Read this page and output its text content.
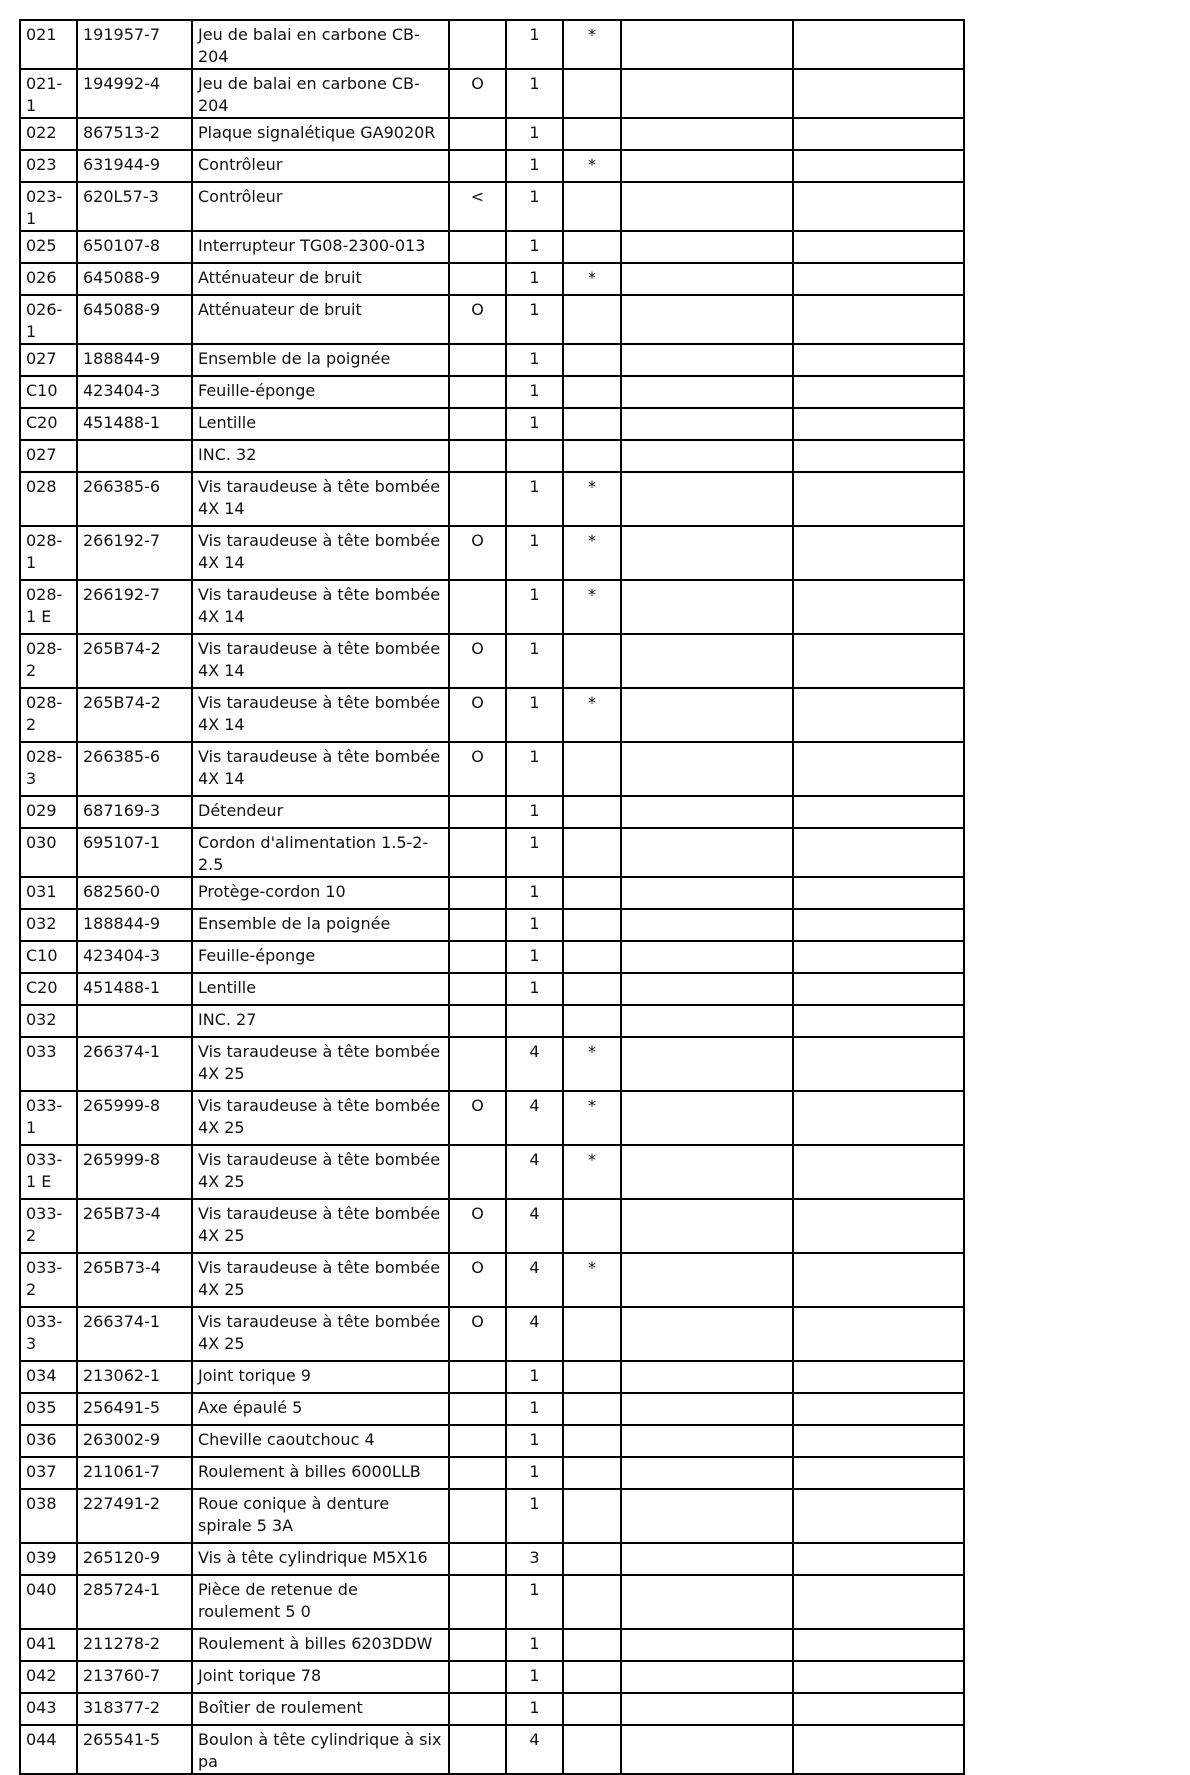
021	191957-7	Jeu de balai en carbone CB-204		1	*		
021-1	194992-4	Jeu de balai en carbone CB-204	O	1			
022	867513-2	Plaque signalétique GA9020R		1			
023	631944-9	Contrôleur		1	*		
023-1	620L57-3	Contrôleur	<	1			
025	650107-8	Interrupteur TG08-2300-013		1			
026	645088-9	Atténuateur de bruit		1	*		
026-1	645088-9	Atténuateur de bruit	O	1			
027	188844-9	Ensemble de la poignée		1			
C10	423404-3	Feuille-éponge		1			
C20	451488-1	Lentille		1			
027		INC. 32					
028	266385-6	Vis taraudeuse à tête bombée 4X 14		1	*		
028-1	266192-7	Vis taraudeuse à tête bombée 4X 14	O	1	*		
028-1 E	266192-7	Vis taraudeuse à tête bombée 4X 14		1	*		
028-2	265B74-2	Vis taraudeuse à tête bombée 4X 14	O	1			
028-2	265B74-2	Vis taraudeuse à tête bombée 4X 14	O	1	*		
028-3	266385-6	Vis taraudeuse à tête bombée 4X 14	O	1			
029	687169-3	Détendeur		1			
030	695107-1	Cordon d'alimentation 1.5-2-2.5		1			
031	682560-0	Protège-cordon 10		1			
032	188844-9	Ensemble de la poignée		1			
C10	423404-3	Feuille-éponge		1			
C20	451488-1	Lentille		1			
032		INC. 27					
033	266374-1	Vis taraudeuse à tête bombée 4X 25		4	*		
033-1	265999-8	Vis taraudeuse à tête bombée 4X 25	O	4	*		
033-1 E	265999-8	Vis taraudeuse à tête bombée 4X 25		4	*		
033-2	265B73-4	Vis taraudeuse à tête bombée 4X 25	O	4			
033-2	265B73-4	Vis taraudeuse à tête bombée 4X 25	O	4	*		
033-3	266374-1	Vis taraudeuse à tête bombée 4X 25	O	4			
034	213062-1	Joint torique 9		1			
035	256491-5	Axe épaulé 5		1			
036	263002-9	Cheville caoutchouc 4		1			
037	211061-7	Roulement à billes 6000LLB		1			
038	227491-2	Roue conique à denture spirale 5 3A		1			
039	265120-9	Vis à tête cylindrique M5X16		3			
040	285724-1	Pièce de retenue de roulement 5 0		1			
041	211278-2	Roulement à billes 6203DDW		1			
042	213760-7	Joint torique 78		1			
043	318377-2	Boîtier de roulement		1			
044	265541-5	Boulon à tête cylindrique à six pa		4			
